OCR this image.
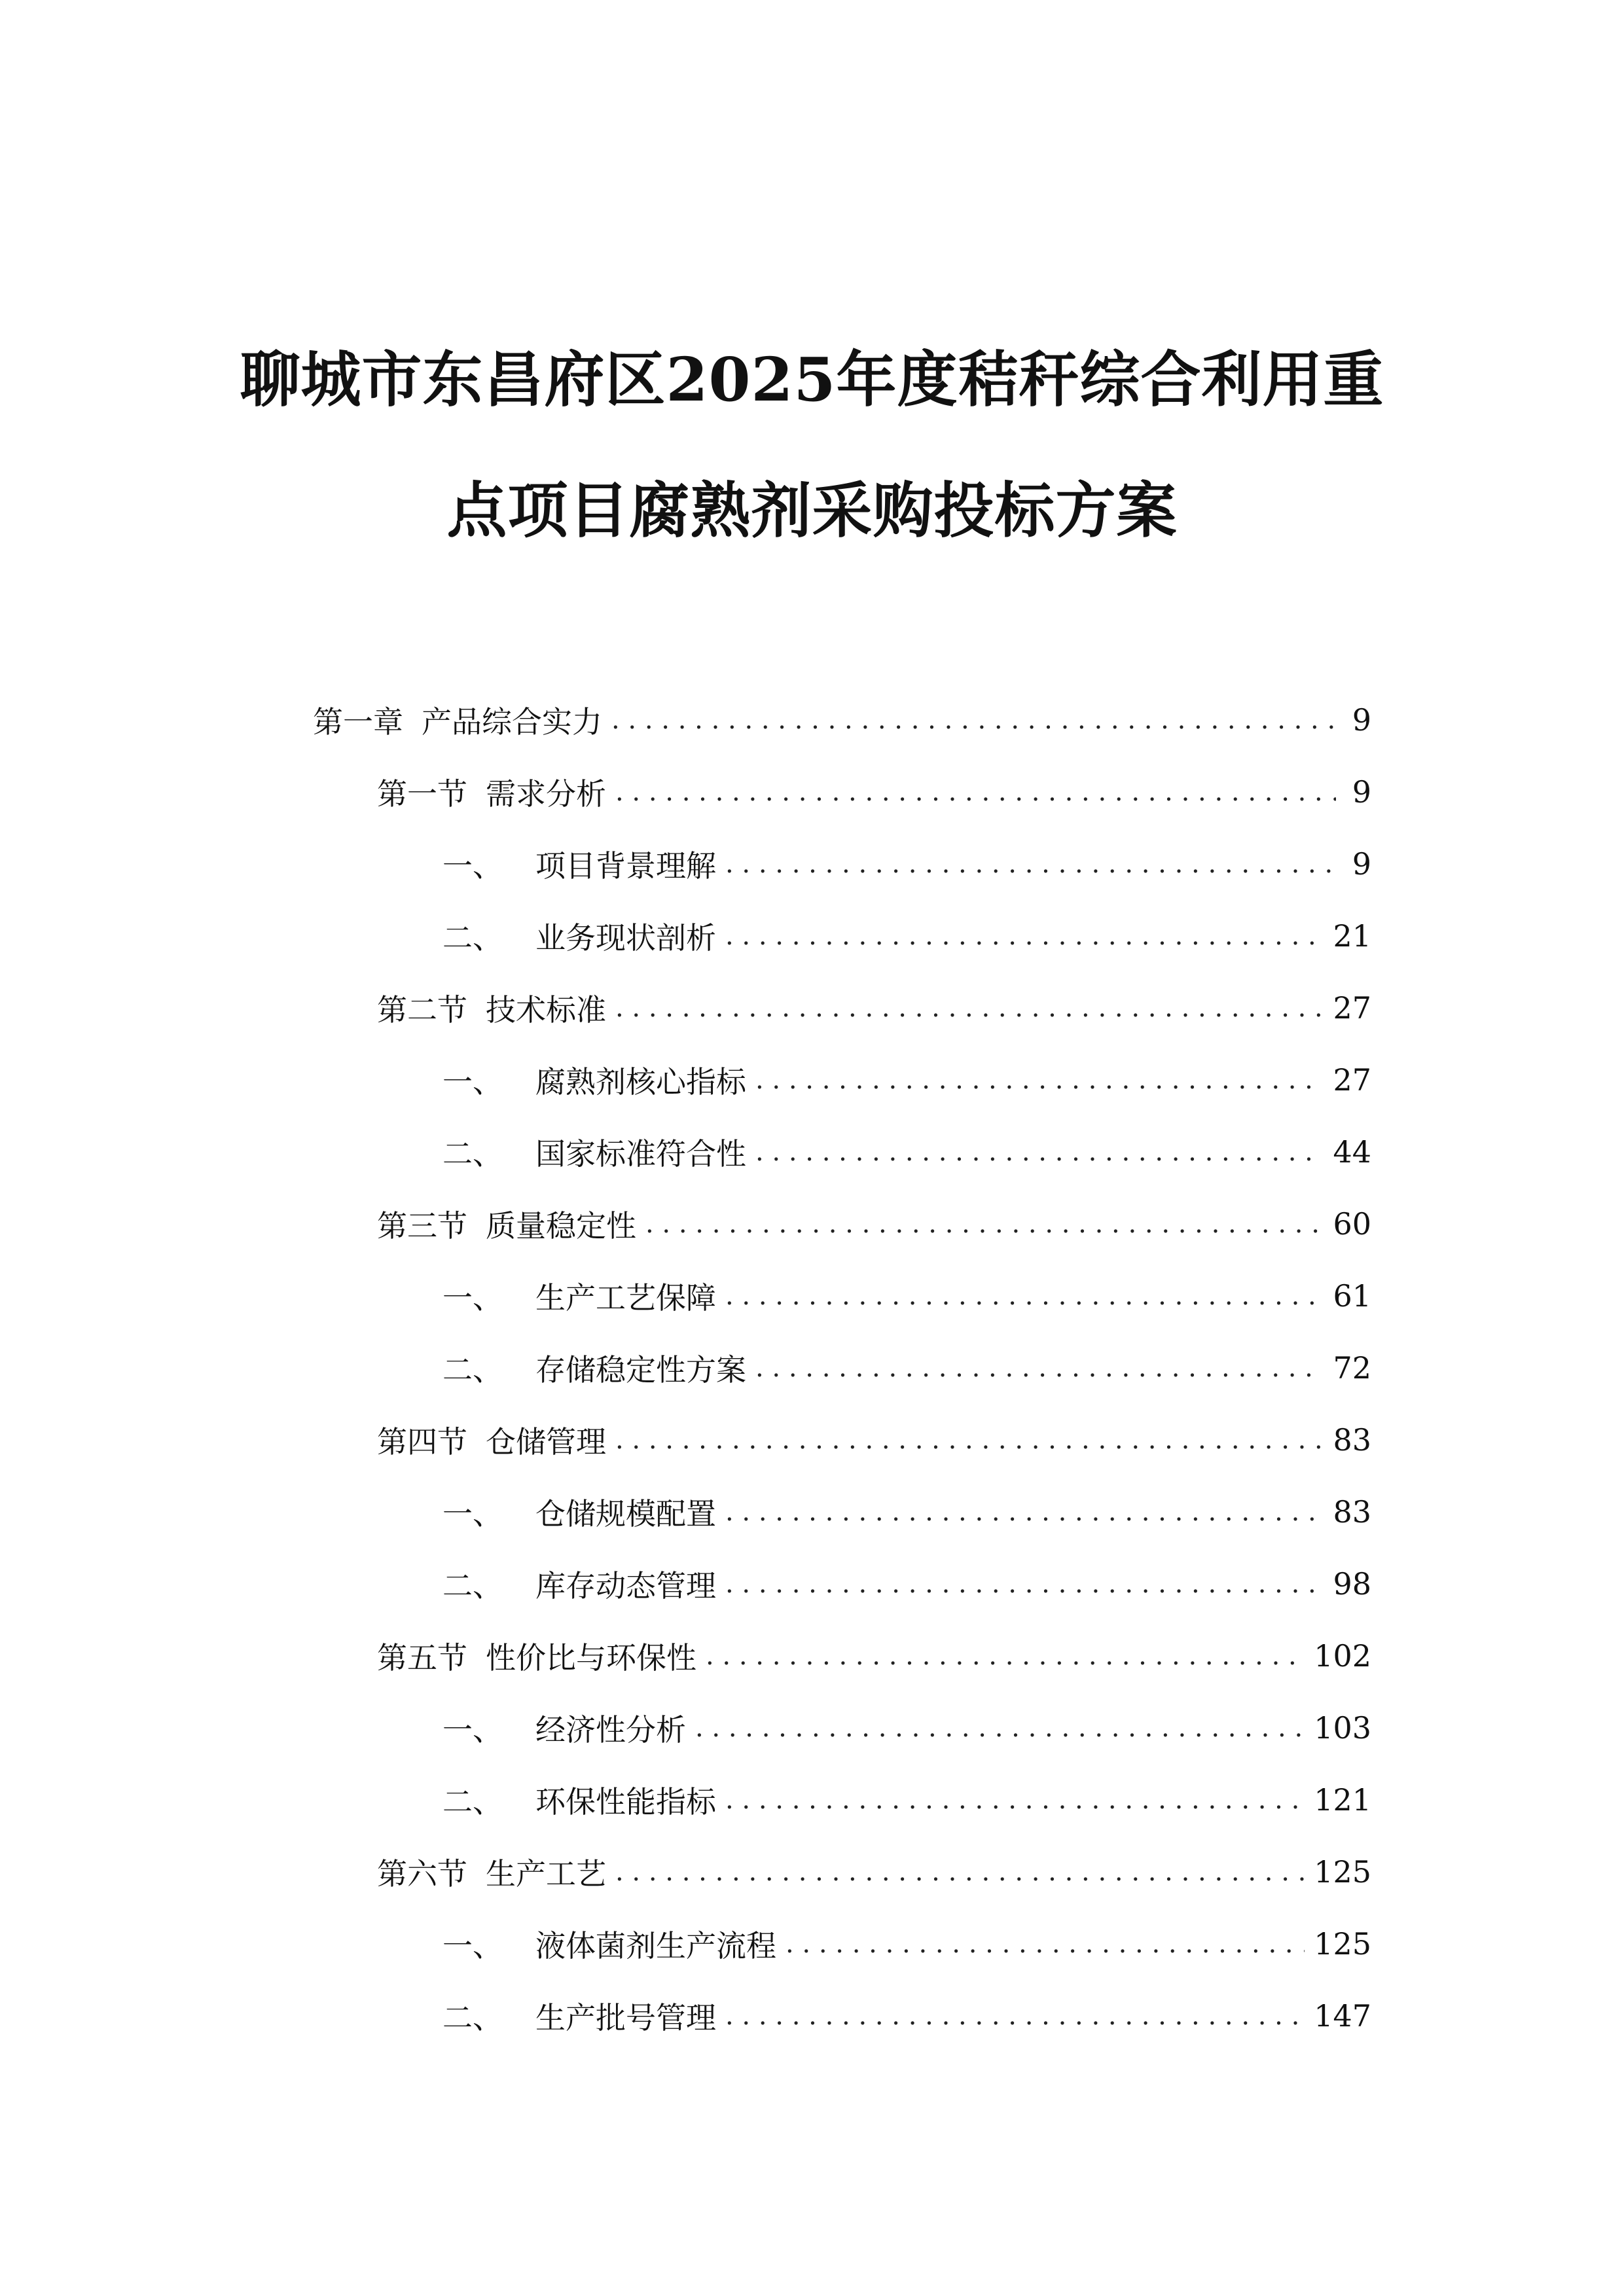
聊城市东昌府区2025年度秸秆综合利用重
点项目腐熟剂采购投标方案
第一章 产品综合实力 . . .	9
第一节 需求分析 . . .	9
一、 项目背景理解 . . .	9
二、 业务现状剖析 . . .	21
第二节 技术标准 . . .	27
一、 腐熟剂核心指标 . . .	27
二、 国家标准符合性 . . .	44
第三节 质量稳定性 . . .	60
一、 生产工艺保障 . . .	61
二、 存储稳定性方案 . . .	72
第四节 仓储管理 . . .	83
一、 仓储规模配置 . . .	83
二、 库存动态管理 . . .	98
第五节 性价比与环保性 . . .	102
一、 经济性分析 . . .	103
二、 环保性能指标 . . .	121
第六节 生产工艺 . . .	125
一、 液体菌剂生产流程 . . .	125
二、 生产批号管理 . . .	147
